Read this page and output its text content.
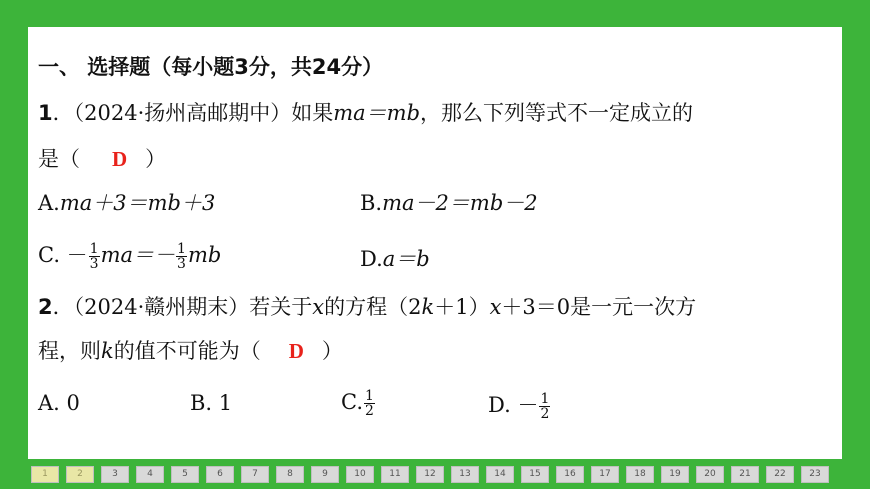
一、 选择题（每小题3分，共24分）
1．（2024·扬州高邮期中）如果ma＝mb，那么下列等式不一定成立的
是（ D ）
A.ma＋3＝mb＋3	B.ma－2＝mb－2
C. － $\frac{1}{3} ma=- \frac{1}{3}$ mb	D.a＝b
2．（2024·赣州期末）若关于x的方程（2k＋1）x＋3＝0是一元一次方
程，则k的值不可能为（ D ）
A. 0	B. 1	C. $\frac{1}{2}$	D. － $\frac{1}{2}$
1	2	3	4	5	6	7	8	9	10	11	12	13	14	15	16	17	18	19	20	21	22	23
